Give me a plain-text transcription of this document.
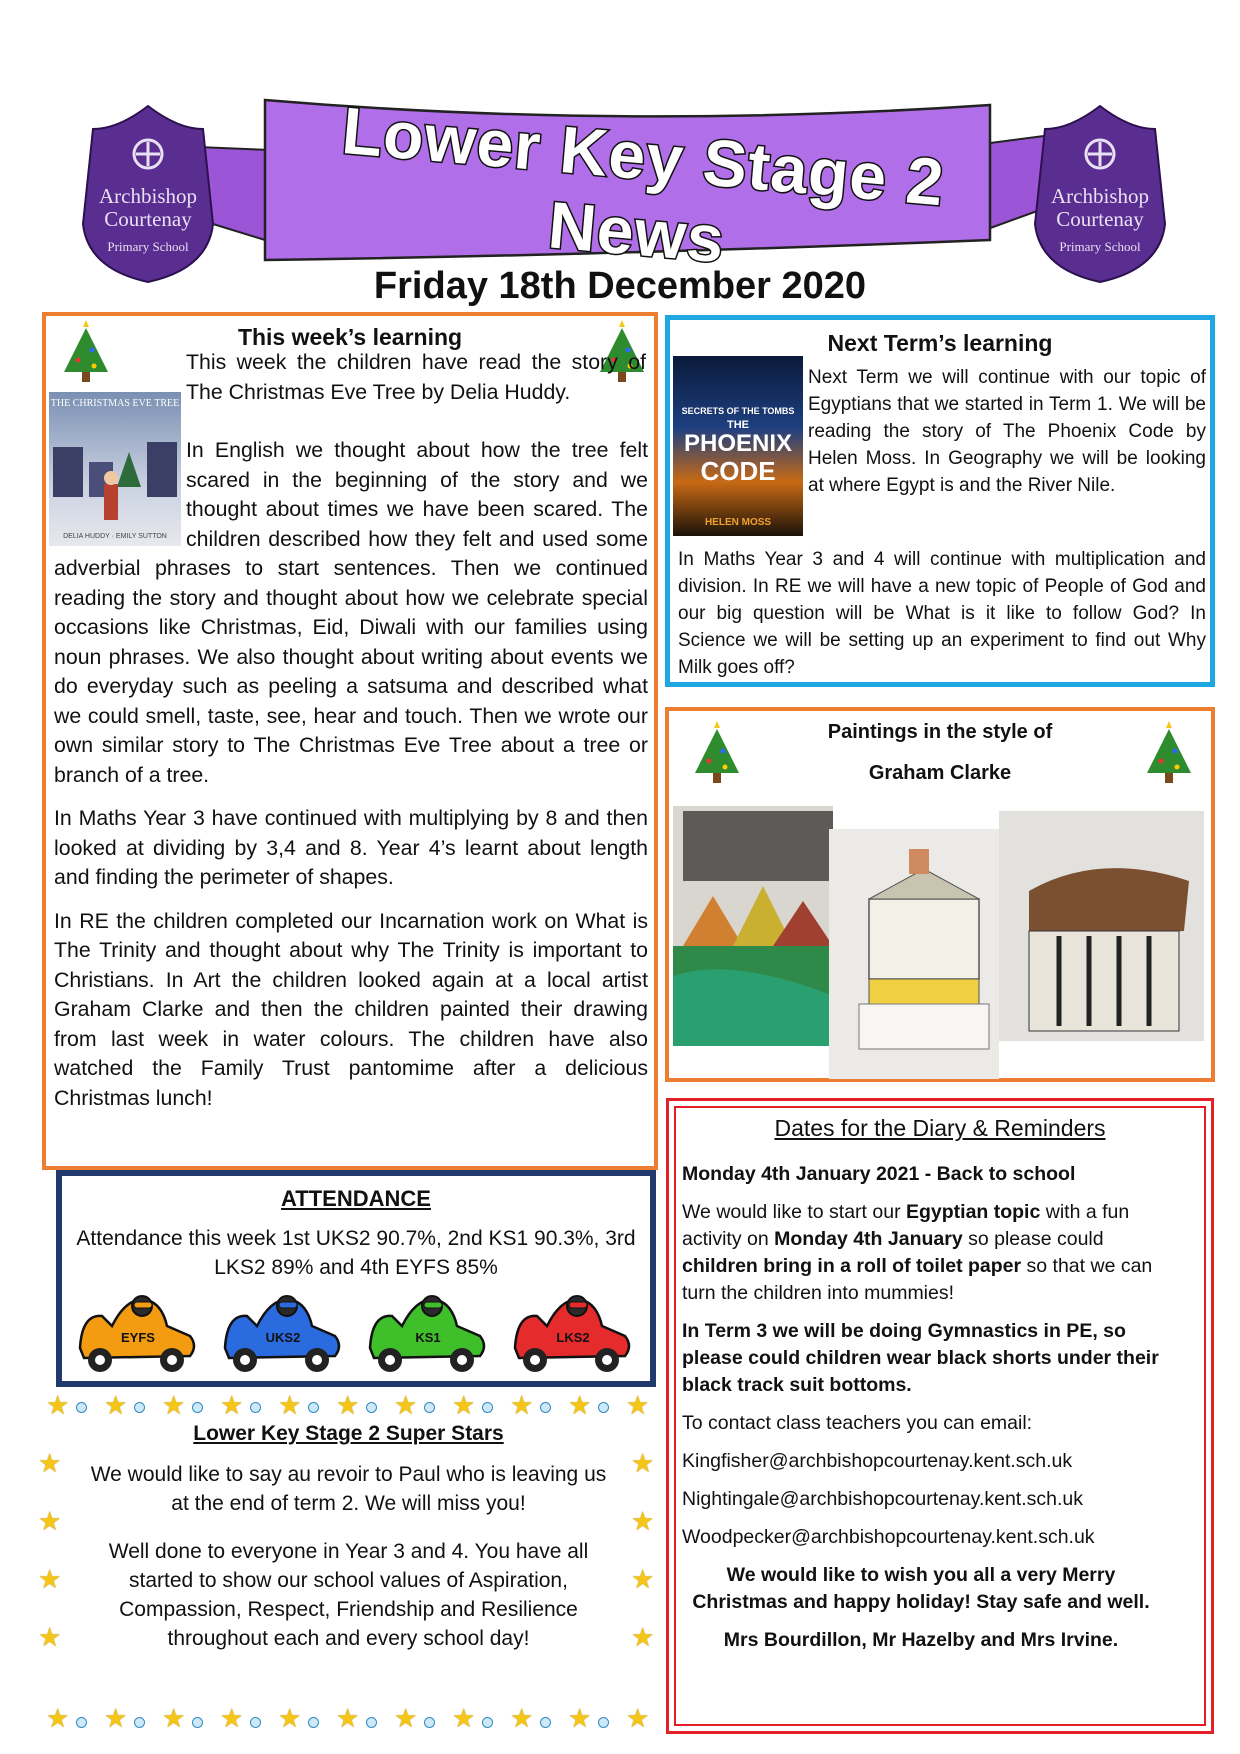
Archbishop
Courtenay
Primary School
Archbishop
Courtenay
Primary School
Lower Key Stage 2 News
Friday 18th December 2020
This week’s learning
THE CHRISTMAS EVE TREE
DELIA HUDDY · EMILY SUTTON

This week the children have read the story of The Christmas Eve Tree by Delia Huddy.

In English we thought about how the tree felt scared in the beginning of the story and we thought about times we have been scared. The children described how they felt and used some adverbial phrases to start sentences. Then we continued reading the story and thought about how we celebrate special occasions like Christmas, Eid, Diwali with our families using noun phrases. We also thought about writing about events we do everyday such as peeling a satsuma and described what we could smell, taste, see, hear and touch. Then we wrote our own similar story to The Christmas Eve Tree about a tree or branch of a tree.

In Maths Year 3 have continued with multiplying by 8 and then looked at dividing by 3,4 and 8. Year 4’s learnt about length and finding the perimeter of shapes.

In RE the children completed our Incarnation work on What is The Trinity and thought about why The Trinity is important to Christians. In Art the children looked again at a local artist Graham Clarke and then the children painted their drawing from last week in water colours. The children have also watched the Family Trust pantomime after a delicious Christmas lunch!

Next Term’s learning
SECRETS OF THE TOMBS
THE
PHOENIX
CODE
HELEN MOSS
Next Term we will continue with our topic of Egyptians that we started in Term 1. We will be reading the story of The Phoenix Code by Helen Moss. In Geography we will be looking at where Egypt is and the River Nile.
In Maths Year 3 and 4 will continue with multiplication and division. In RE we will have a new topic of People of God and our big question will be What is it like to follow God? In Science we will be setting up an experiment to find out Why Milk goes off?
Paintings in the style of
Graham Clarke
Dates for the Diary & Reminders

Monday 4th January 2021 - Back to school

We would like to start our Egyptian topic with a fun activity on Monday 4th January so please could children bring in a roll of toilet paper so that we can turn the children into mummies!

In Term 3 we will be doing Gymnastics in PE, so please could children wear black shorts under their black track suit bottoms.

To contact class teachers you can email:

Kingfisher@archbishopcourtenay.kent.sch.uk

Nightingale@archbishopcourtenay.kent.sch.uk

Woodpecker@archbishopcourtenay.kent.sch.uk

We would like to wish you all a very Merry Christmas and happy holiday! Stay safe and well.

Mrs Bourdillon, Mr Hazelby and Mrs Irvine.

ATTENDANCE
Attendance this week 1st UKS2 90.7%, 2nd KS1 90.3%, 3rd LKS2 89% and 4th EYFS 85%
EYFS	UKS2	KS1	LKS2
★
★
★
★
★
★
★
★
★
★
★
★
★
★
★
★
★
★
★
★
★
★
★	★
★	★
★	★
★	★
Lower Key Stage 2 Super Stars
We would like to say au revoir to Paul who is leaving us at the end of term 2. We will miss you!
Well done to everyone in Year 3 and 4. You have all started to show our school values of Aspiration, Compassion, Respect, Friendship and Resilience throughout each and every school day!
